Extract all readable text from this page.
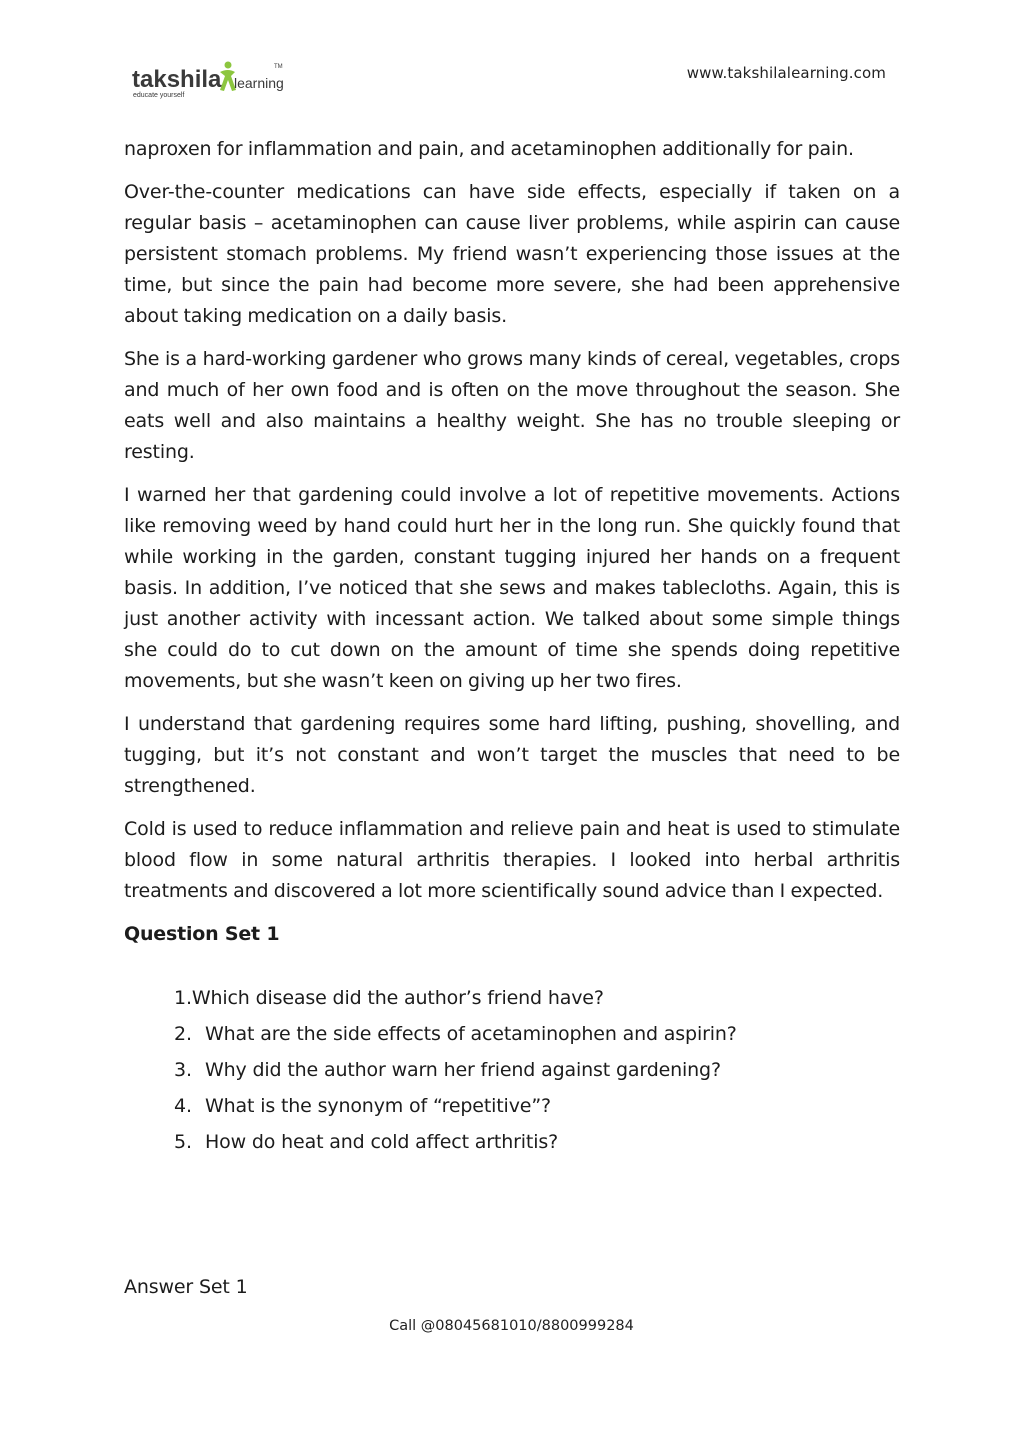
takshila learning
TM
educate yourself
www.takshilalearning.com

naproxen for inflammation and pain, and acetaminophen additionally for pain.

Over-the-counter medications can have side effects, especially if taken on a regular basis – acetaminophen can cause liver problems, while aspirin can cause persistent stomach problems. My friend wasn’t experiencing those issues at the time, but since the pain had become more severe, she had been apprehensive about taking medication on a daily basis.

She is a hard-working gardener who grows many kinds of cereal, vegetables, crops and much of her own food and is often on the move throughout the season. She eats well and also maintains a healthy weight. She has no trouble sleeping or resting.

I warned her that gardening could involve a lot of repetitive movements. Actions like removing weed by hand could hurt her in the long run. She quickly found that while working in the garden, constant tugging injured her hands on a frequent basis. In addition, I’ve noticed that she sews and makes tablecloths. Again, this is just another activity with incessant action. We talked about some simple things she could do to cut down on the amount of time she spends doing repetitive movements, but she wasn’t keen on giving up her two fires.

I understand that gardening requires some hard lifting, pushing, shovelling, and tugging, but it’s not constant and won’t target the muscles that need to be strengthened.

Cold is used to reduce inflammation and relieve pain and heat is used to stimulate blood flow in some natural arthritis therapies. I looked into herbal arthritis treatments and discovered a lot more scientifically sound advice than I expected.

Question Set 1
1. Which disease did the author’s friend have?
2. What are the side effects of acetaminophen and aspirin?
3. Why did the author warn her friend against gardening?
4. What is the synonym of “repetitive”?
5. How do heat and cold affect arthritis?
Answer Set 1
Call @08045681010/8800999284
